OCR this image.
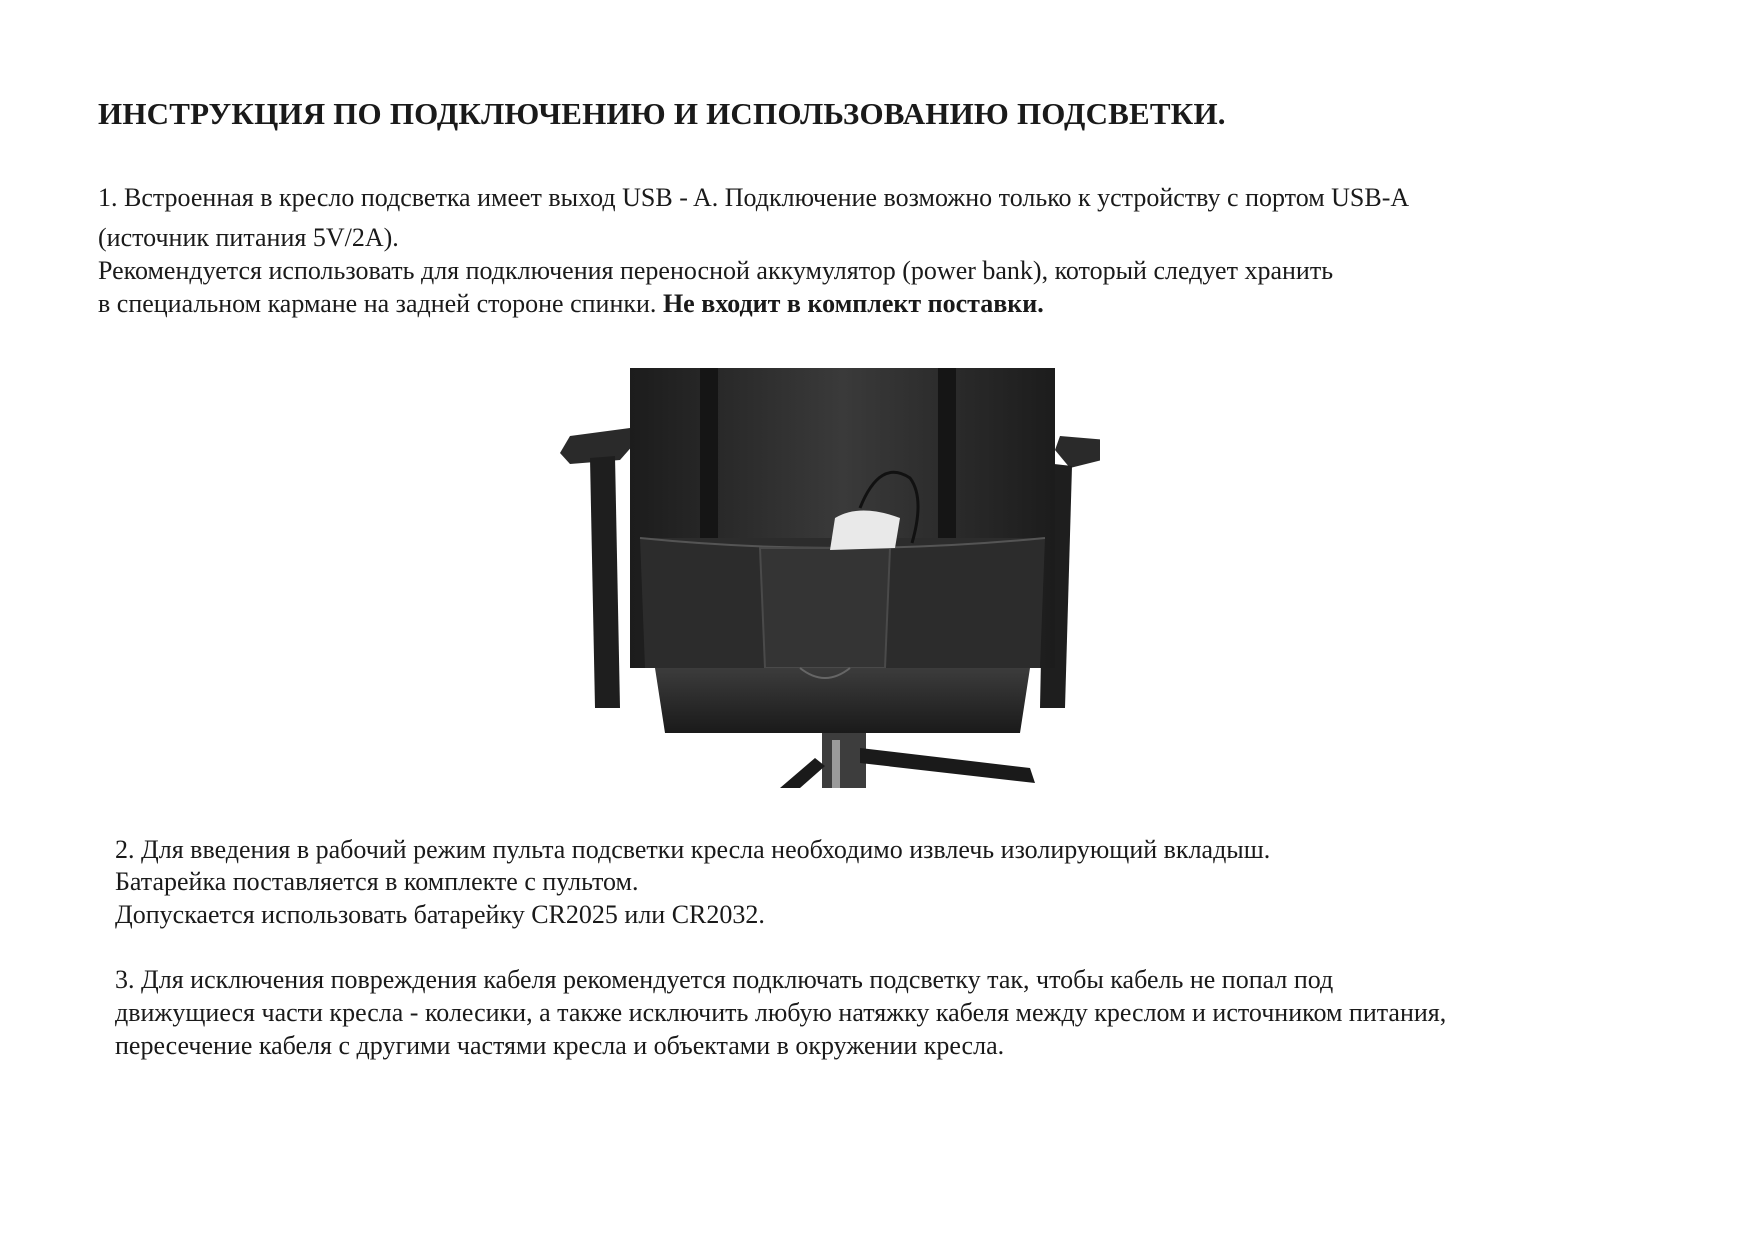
ИНСТРУКЦИЯ ПО ПОДКЛЮЧЕНИЮ И ИСПОЛЬЗОВАНИЮ ПОДСВЕТКИ.

1. Встроенная в кресло подсветка имеет выход USB - A. Подключение возможно только к устройству с портом USB-A

(источник питания 5V/2A).

Рекомендуется использовать для подключения переносной аккумулятор (power bank), который следует хранить

в специальном кармане на задней стороне спинки. Не входит в комплект поставки.

2. Для введения в рабочий режим пульта подсветки кресла необходимо извлечь изолирующий вкладыш.

Батарейка поставляется в комплекте с пультом.

Допускается использовать батарейку CR2025 или CR2032.

3. Для исключения повреждения кабеля рекомендуется подключать подсветку так, чтобы кабель не попал под

движущиеся части кресла - колесики, а также исключить любую натяжку кабеля между креслом и источником питания,

пересечение кабеля с другими частями кресла и объектами в окружении кресла.
